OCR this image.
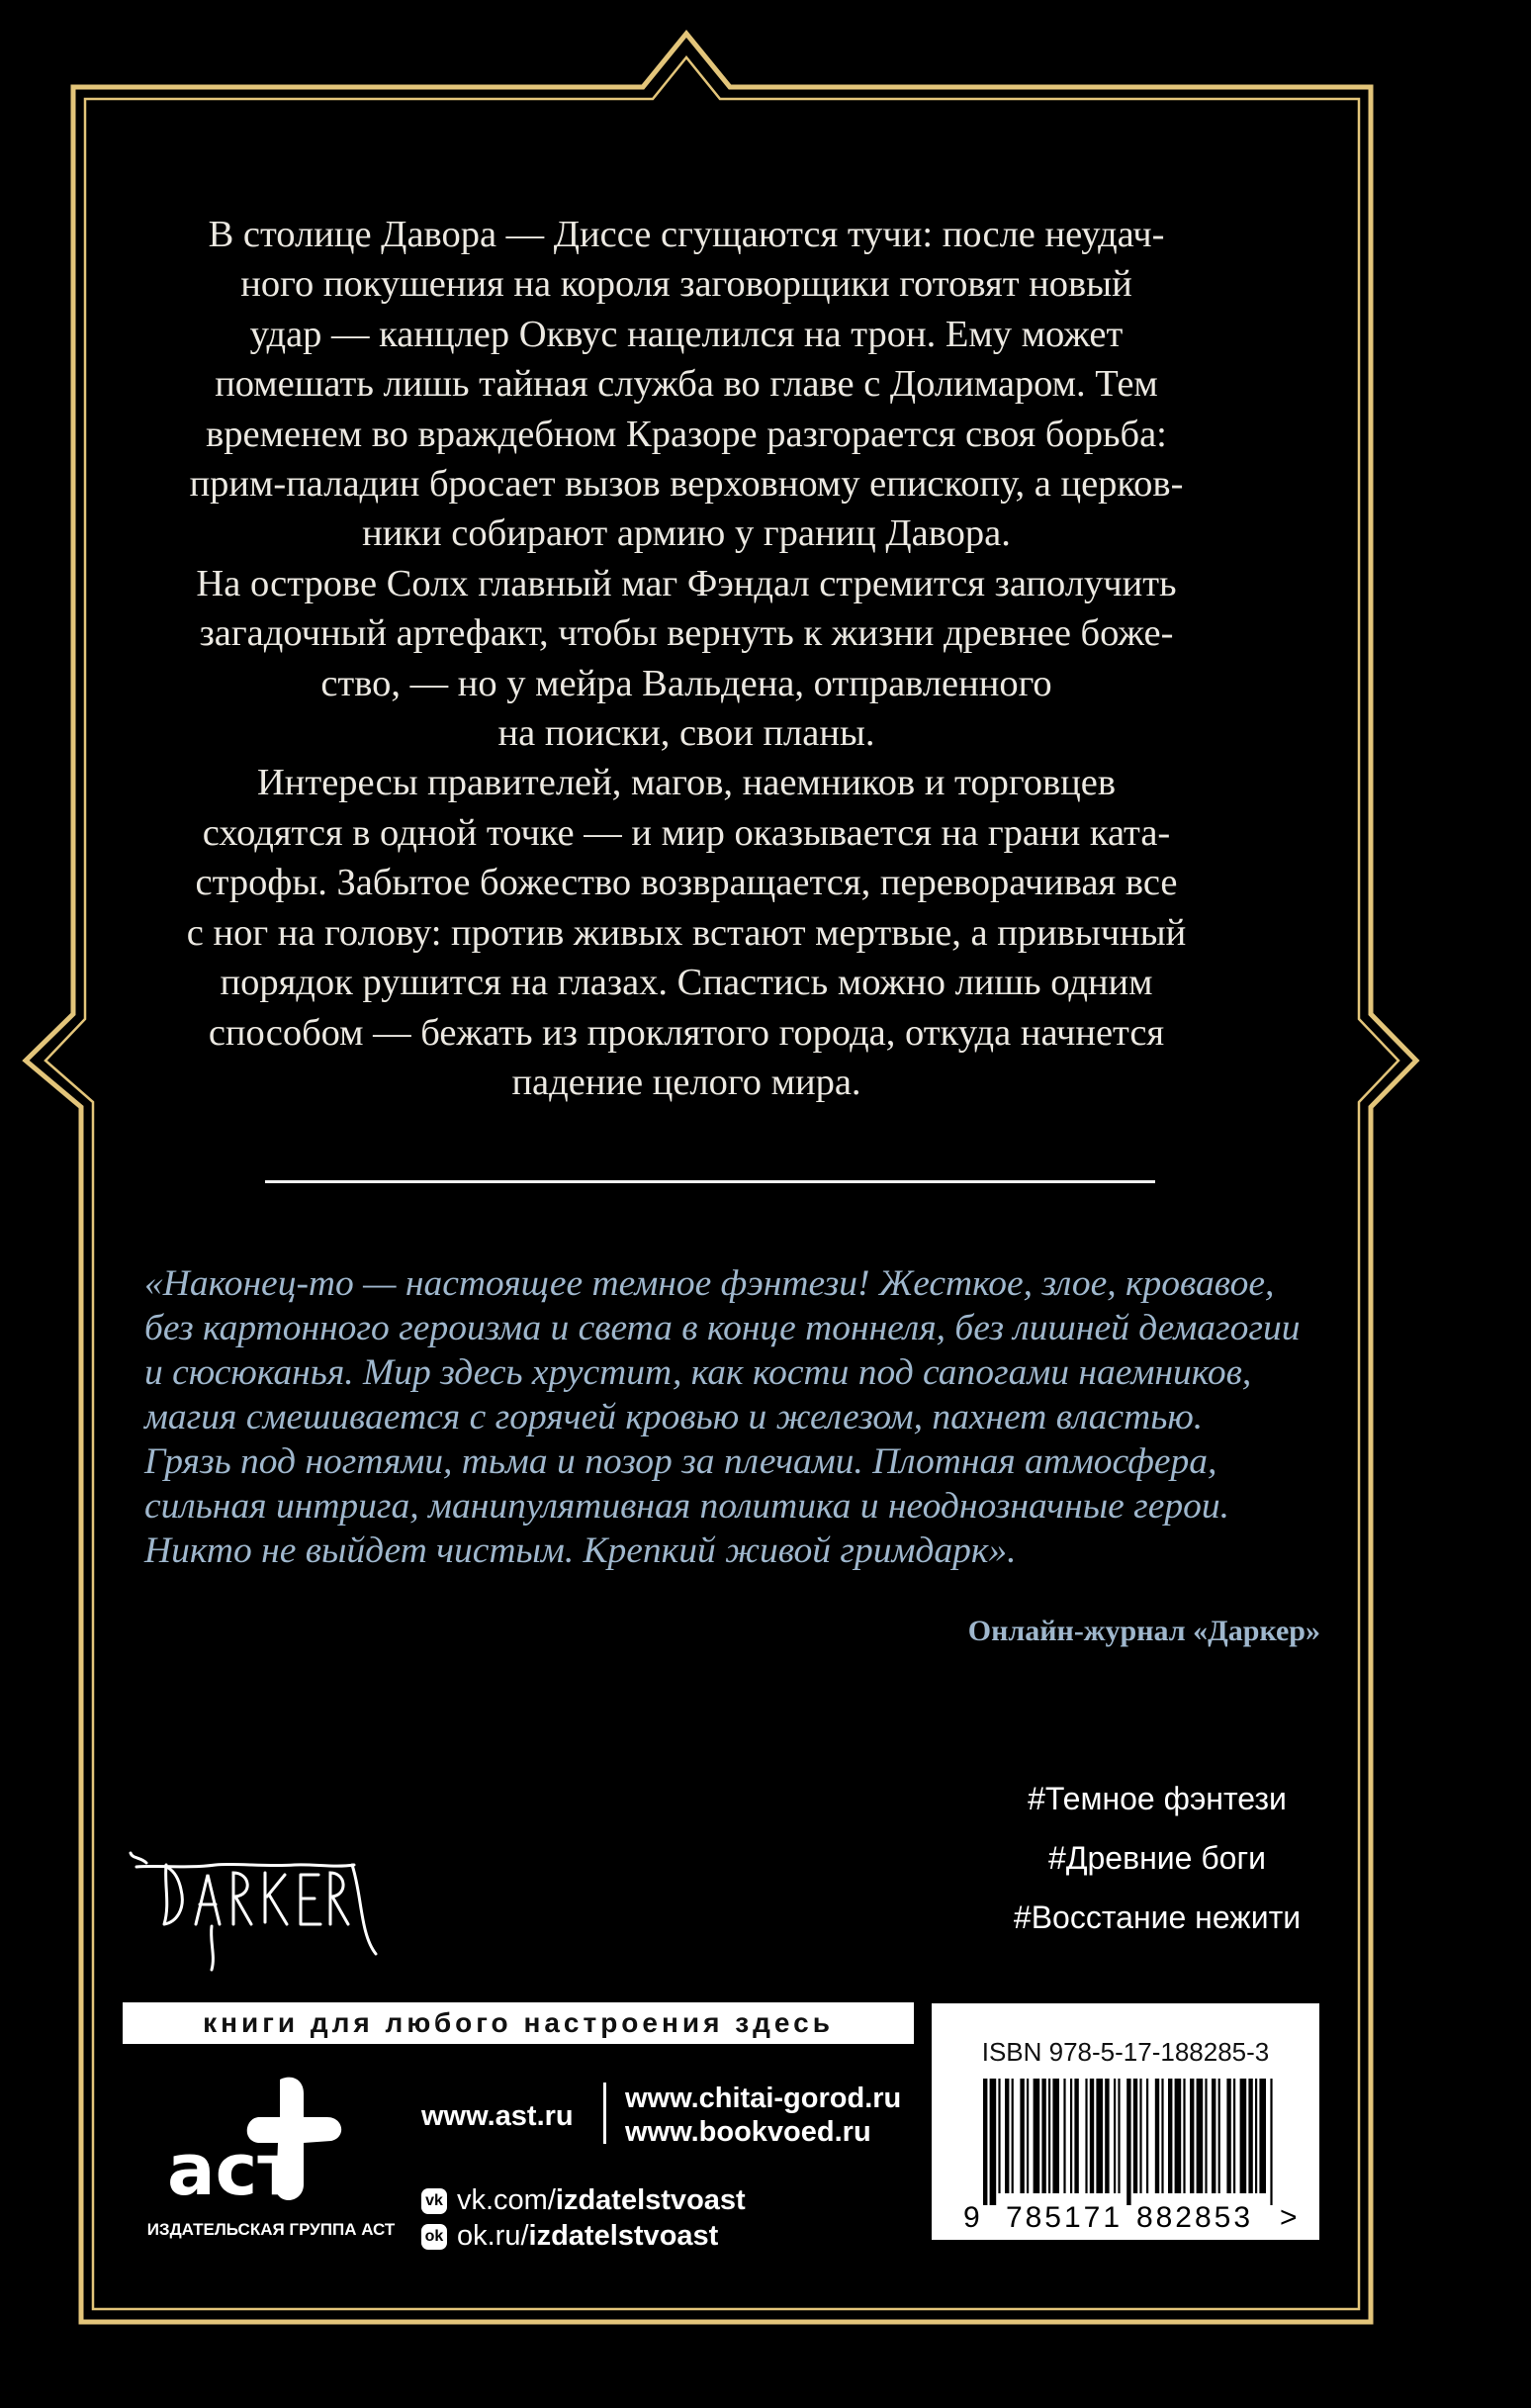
В столице Давора — Диссе сгущаются тучи: после неудач-
ного покушения на короля заговорщики готовят новый
удар — канцлер Оквус нацелился на трон. Ему может
помешать лишь тайная служба во главе с Долимаром. Тем
временем во враждебном Кразоре разгорается своя борьба:
прим-паладин бросает вызов верховному епископу, а церков-
ники собирают армию у границ Давора.
На острове Солх главный маг Фэндал стремится заполучить
загадочный артефакт, чтобы вернуть к жизни древнее боже-
ство, — но у мейра Вальдена, отправленного
на поиски, свои планы.
Интересы правителей, магов, наемников и торговцев
сходятся в одной точке — и мир оказывается на грани ката-
строфы. Забытое божество возвращается, переворачивая все
с ног на голову: против живых встают мертвые, а привычный
порядок рушится на глазах. Спастись можно лишь одним
способом — бежать из проклятого города, откуда начнется
падение целого мира.
«Наконец-то — настоящее темное фэнтези! Жесткое, злое, кровавое,
без картонного героизма и света в конце тоннеля, без лишней демагогии
и сюсюканья. Мир здесь хрустит, как кости под сапогами наемников,
магия смешивается с горячей кровью и железом, пахнет властью.
Грязь под ногтями, тьма и позор за плечами. Плотная атмосфера,
сильная интрига, манипулятивная политика и неоднозначные герои.
Никто не выйдет чистым. Крепкий живой гримдарк».
Онлайн-журнал «Даркер»
#Темное фэнтези
#Древние боги
#Восстание нежити
книги для любого настроения здесь
ISBN 978-5-17-188285-3
9 785171 882853 >
аст
ИЗДАТЕЛЬСКАЯ ГРУППА АСТ
www.ast.ru
www.chitai-gorod.ru
www.bookvoed.ru
vk vk.com/ izdatelstvoast
ok ok.ru/ izdatelstvoast
